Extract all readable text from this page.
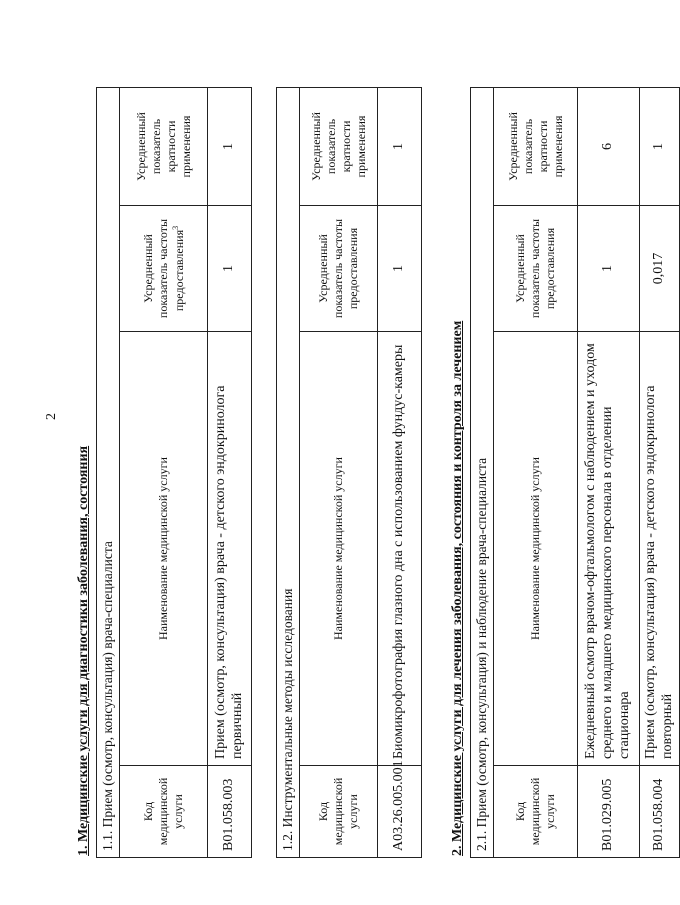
2

1. Медицинские услуги для диагностики заболевания, состояния 1.1. Прием (осмотр, консультация) врача-специалиста			
Код медицинской услуги	Наименование медицинской услуги	Усредненный показатель частоты предоставления$^3$	Усредненный показатель кратности применения
B01.058.003	Прием (осмотр, консультация) врача - детского эндокринолога первичный	1	1
1.2. Инструментальные методы исследования			
Код медицинской услуги	Наименование медицинской услуги	Усредненный показатель частоты предоставления	Усредненный показатель кратности применения
A03.26.005.001	Биомикрофотография глазного дна с использованием фундус-камеры	1	1

2. Медицинские услуги для лечения заболевания, состояния и контроля за лечением 2.1. Прием (осмотр, консультация) и наблюдение врача-специалиста			
Код медицинской услуги	Наименование медицинской услуги	Усредненный показатель частоты предоставления	Усредненный показатель кратности применения
B01.029.005	Ежедневный осмотр врачом-офтальмологом с наблюдением и уходом среднего и младшего медицинского персонала в отделении стационара	1	6
B01.058.004	Прием (осмотр, консультация) врача - детского эндокринолога повторный	0,017	1
